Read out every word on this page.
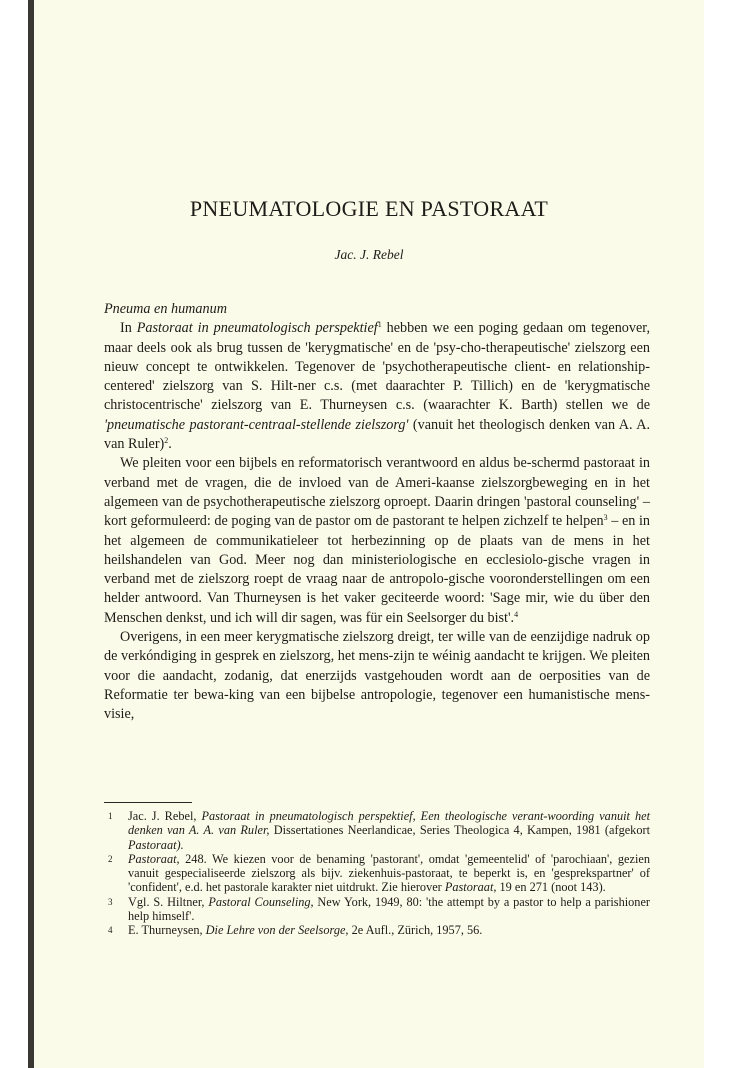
PNEUMATOLOGIE EN PASTORAAT
Jac. J. Rebel

Pneuma en humanum

In Pastoraat in pneumatologisch perspektief$^1$ hebben we een poging gedaan om tegenover, maar deels ook als brug tussen de 'kerygmatische' en de 'psy-cho-therapeutische' zielszorg een nieuw concept te ontwikkelen. Tegenover de 'psychotherapeutische client- en relationship-centered' zielszorg van S. Hilt-ner c.s. (met daarachter P. Tillich) en de 'kerygmatische christocentrische' zielszorg van E. Thurneysen c.s. (waarachter K. Barth) stellen we de 'pneumatische pastorant-centraal-stellende zielszorg' (vanuit het theologisch denken van A. A. van Ruler)$^2$.

We pleiten voor een bijbels en reformatorisch verantwoord en aldus be-schermd pastoraat in verband met de vragen, die de invloed van de Ameri-kaanse zielszorgbeweging en in het algemeen van de psychotherapeutische zielszorg oproept. Daarin dringen 'pastoral counseling' – kort geformuleerd: de poging van de pastor om de pastorant te helpen zichzelf te helpen$^3$ – en in het algemeen de communikatieleer tot herbezinning op de plaats van de mens in het heilshandelen van God. Meer nog dan ministeriologische en ecclesiolo-gische vragen in verband met de zielszorg roept de vraag naar de antropolo-gische vooronderstellingen om een helder antwoord. Van Thurneysen is het vaker geciteerde woord: 'Sage mir, wie du über den Menschen denkst, und ich will dir sagen, was für ein Seelsorger du bist'.$^4$

Overigens, in een meer kerygmatische zielszorg dreigt, ter wille van de eenzijdige nadruk op de verkóndiging in gesprek en zielszorg, het mens-zijn te wéinig aandacht te krijgen. We pleiten voor die aandacht, zodanig, dat enerzijds vastgehouden wordt aan de oerposities van de Reformatie ter bewa-king van een bijbelse antropologie, tegenover een humanistische mens-visie,

1 Jac. J. Rebel, Pastoraat in pneumatologisch perspektief, Een theologische verant-woording vanuit het denken van A. A. van Ruler, Dissertationes Neerlandicae, Series Theologica 4, Kampen, 1981 (afgekort Pastoraat).

2 Pastoraat, 248. We kiezen voor de benaming 'pastorant', omdat 'gemeentelid' of 'parochiaan', gezien vanuit gespecialiseerde zielszorg als bijv. ziekenhuis-pastoraat, te beperkt is, en 'gesprekspartner' of 'confident', e.d. het pastorale karakter niet uitdrukt. Zie hierover Pastoraat, 19 en 271 (noot 143).

3 Vgl. S. Hiltner, Pastoral Counseling, New York, 1949, 80: 'the attempt by a pastor to help a parishioner help himself'.

4 E. Thurneysen, Die Lehre von der Seelsorge, 2e Aufl., Zürich, 1957, 56.
